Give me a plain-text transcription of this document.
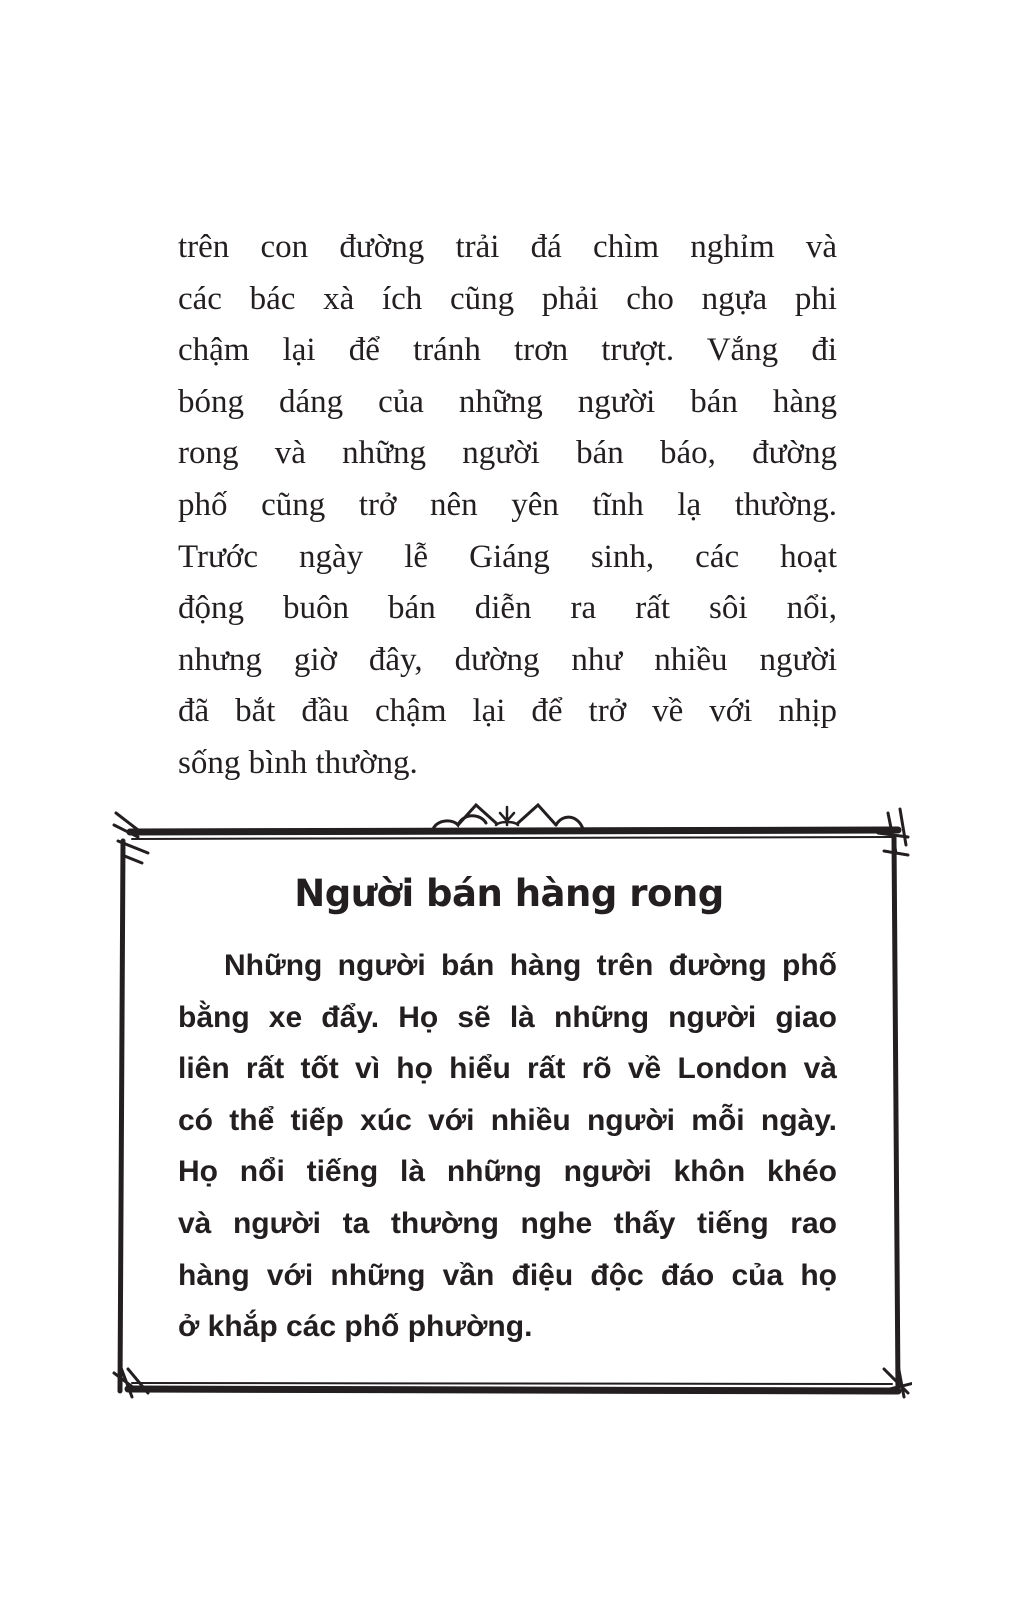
trên con đường trải đá chìm nghỉm và
các bác xà ích cũng phải cho ngựa phi
chậm lại để tránh trơn trượt. Vắng đi
bóng dáng của những người bán hàng
rong và những người bán báo, đường
phố cũng trở nên yên tĩnh lạ thường.
Trước ngày lễ Giáng sinh, các hoạt
động buôn bán diễn ra rất sôi nổi,
nhưng giờ đây, dường như nhiều người
đã bắt đầu chậm lại để trở về với nhịp
sống bình thường.
Người bán hàng rong
Những người bán hàng trên đường phố
bằng xe đẩy. Họ sẽ là những người giao
liên rất tốt vì họ hiểu rất rõ về London và
có thể tiếp xúc với nhiều người mỗi ngày.
Họ nổi tiếng là những người khôn khéo
và người ta thường nghe thấy tiếng rao
hàng với những vần điệu độc đáo của họ
ở khắp các phố phường.
